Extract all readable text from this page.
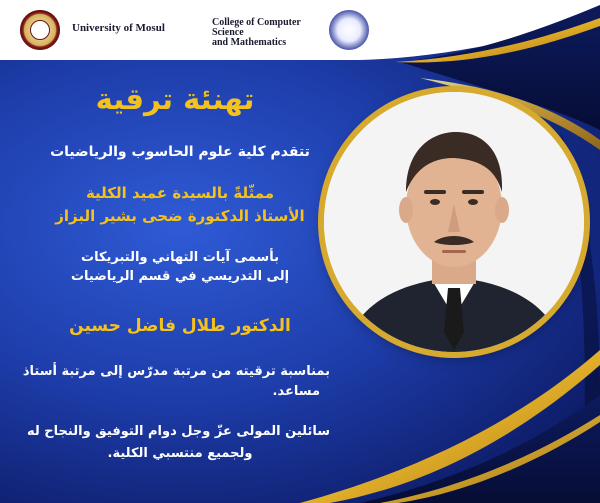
University of Mosul	College of Computer Science
and Mathematics
تهنئة ترقية
تتقدم كلية علوم الحاسوب والرياضيات
ممثّلةً بالسيدة عميد الكلية
الأستاذ الدكتورة ضحى بشير البزاز
بأسمى آيات التهاني والتبريكات
إلى التدريسي في قسم الرياضيات
الدكتور طلال فاضل حسين
بمناسبة ترقيته من مرتبة مدرّس إلى مرتبة أستاذ
مساعد.
سائلين المولى عزّ وجل دوام التوفيق والنجاح له
ولجميع منتسبي الكلية.
